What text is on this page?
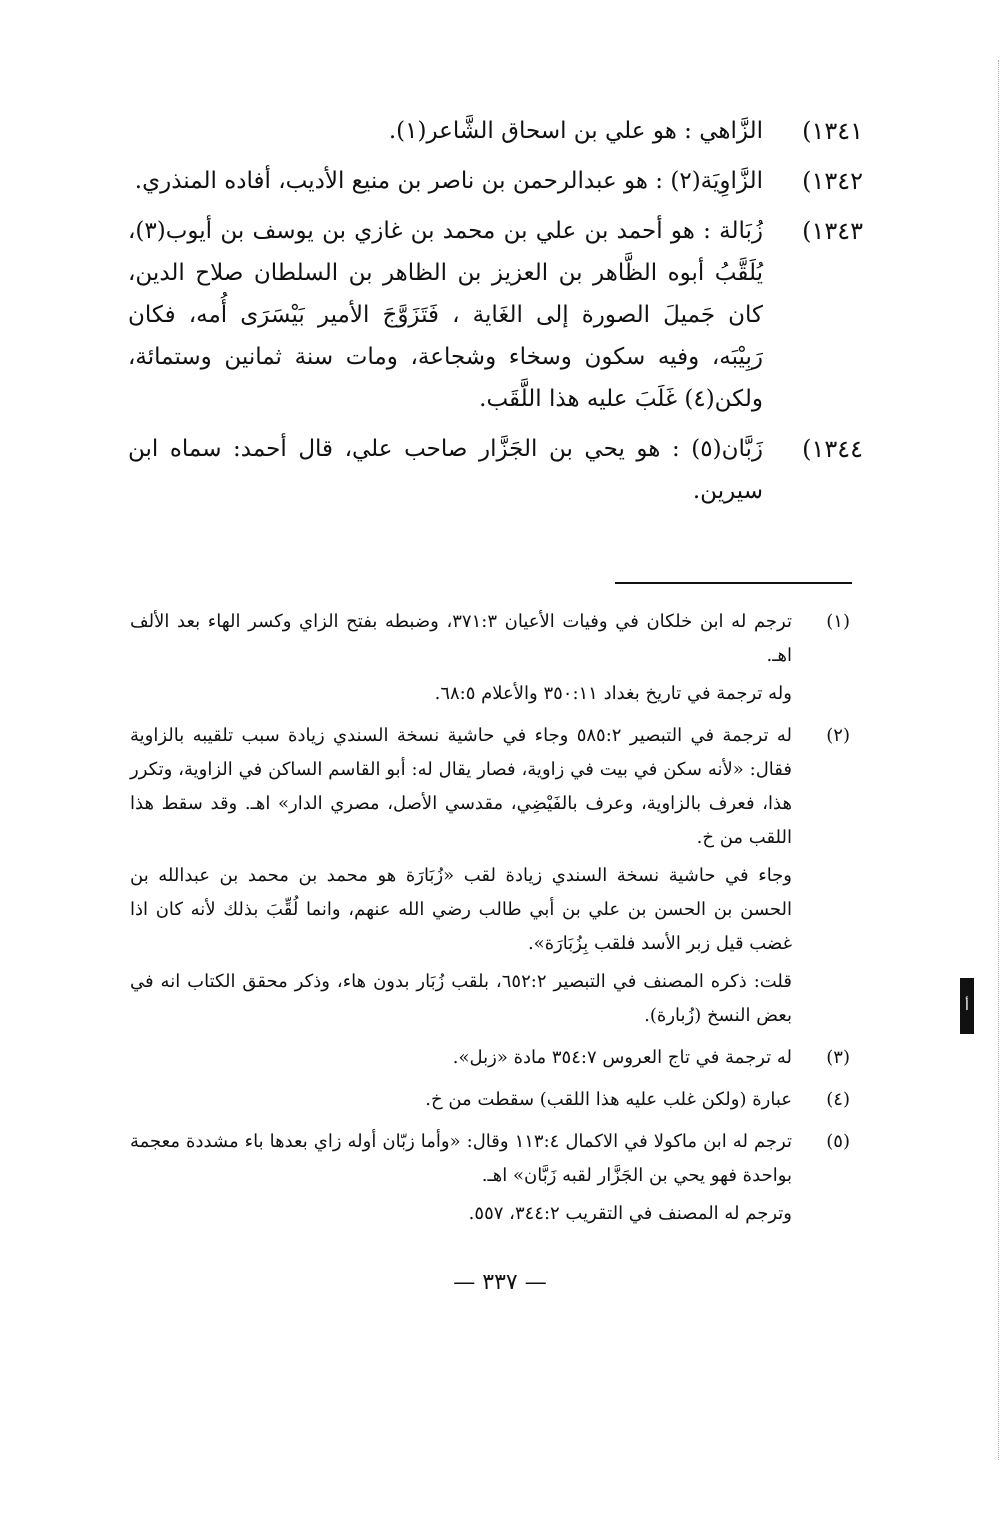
١٣٤١)
الزَّاهي : هو علي بن اسحاق الشَّاعر(١).
١٣٤٢)
الزَّاوِيَة(٢) : هو عبدالرحمن بن ناصر بن منيع الأديب، أفاده المنذري.
١٣٤٣)
زُبَالة : هو أحمد بن علي بن محمد بن غازي بن يوسف بن أيوب(٣)، يُلَقَّبُ أبوه الظَّاهر بن العزيز بن الظاهر بن السلطان صلاح الدين، كان جَميلَ الصورة إلى الغَاية ، فَتَزَوَّجَ الأمير بَيْسَرَى أُمه، فكان رَبِيْبَه، وفيه سكون وسخاء وشجاعة، ومات سنة ثمانين وستمائة، ولكن(٤) غَلَبَ عليه هذا اللَّقَب.
١٣٤٤)
زَبَّان(٥) : هو يحي بن الجَزَّار صاحب علي، قال أحمد: سماه ابن سيرين.
(١)

ترجم له ابن خلكان في وفيات الأعيان ٣٧١:٣، وضبطه بفتح الزاي وكسر الهاء بعد الألف اهـ.

وله ترجمة في تاريخ بغداد ٣٥٠:١١ والأعلام ٦٨:٥.

(٢)

له ترجمة في التبصير ٥٨٥:٢ وجاء في حاشية نسخة السندي زيادة سبب تلقيبه بالزاوية فقال: «لأنه سكن في بيت في زاوية، فصار يقال له: أبو القاسم الساكن في الزاوية، وتكرر هذا، فعرف بالزاوية، وعرف بالفَيْضِي، مقدسي الأصل، مصري الدار» اهـ. وقد سقط هذا اللقب من خ.

وجاء في حاشية نسخة السندي زيادة لقب «زُبَارَة هو محمد بن محمد بن عبدالله بن الحسن بن الحسن بن علي بن أبي طالب رضي الله عنهم، وانما لُقِّبَ بذلك لأنه كان اذا غضب قيل زبر الأسد فلقب بِزُبَارَة».

قلت: ذكره المصنف في التبصير ٦٥٢:٢، بلقب زُبَار بدون هاء، وذكر محقق الكتاب انه في بعض النسخ (زُبارة).

(٣)

له ترجمة في تاج العروس ٣٥٤:٧ مادة «زبل».

(٤)

عبارة (ولكن غلب عليه هذا اللقب) سقطت من خ.

(٥)

ترجم له ابن ماكولا في الاكمال ١١٣:٤ وقال: «وأما زبّان أوله زاي بعدها باء مشددة معجمة بواحدة فهو يحي بن الجَزَّار لقبه زَبَّان» اهـ.

وترجم له المصنف في التقريب ٣٤٤:٢، ٥٥٧.

— ٣٣٧ —
أ
